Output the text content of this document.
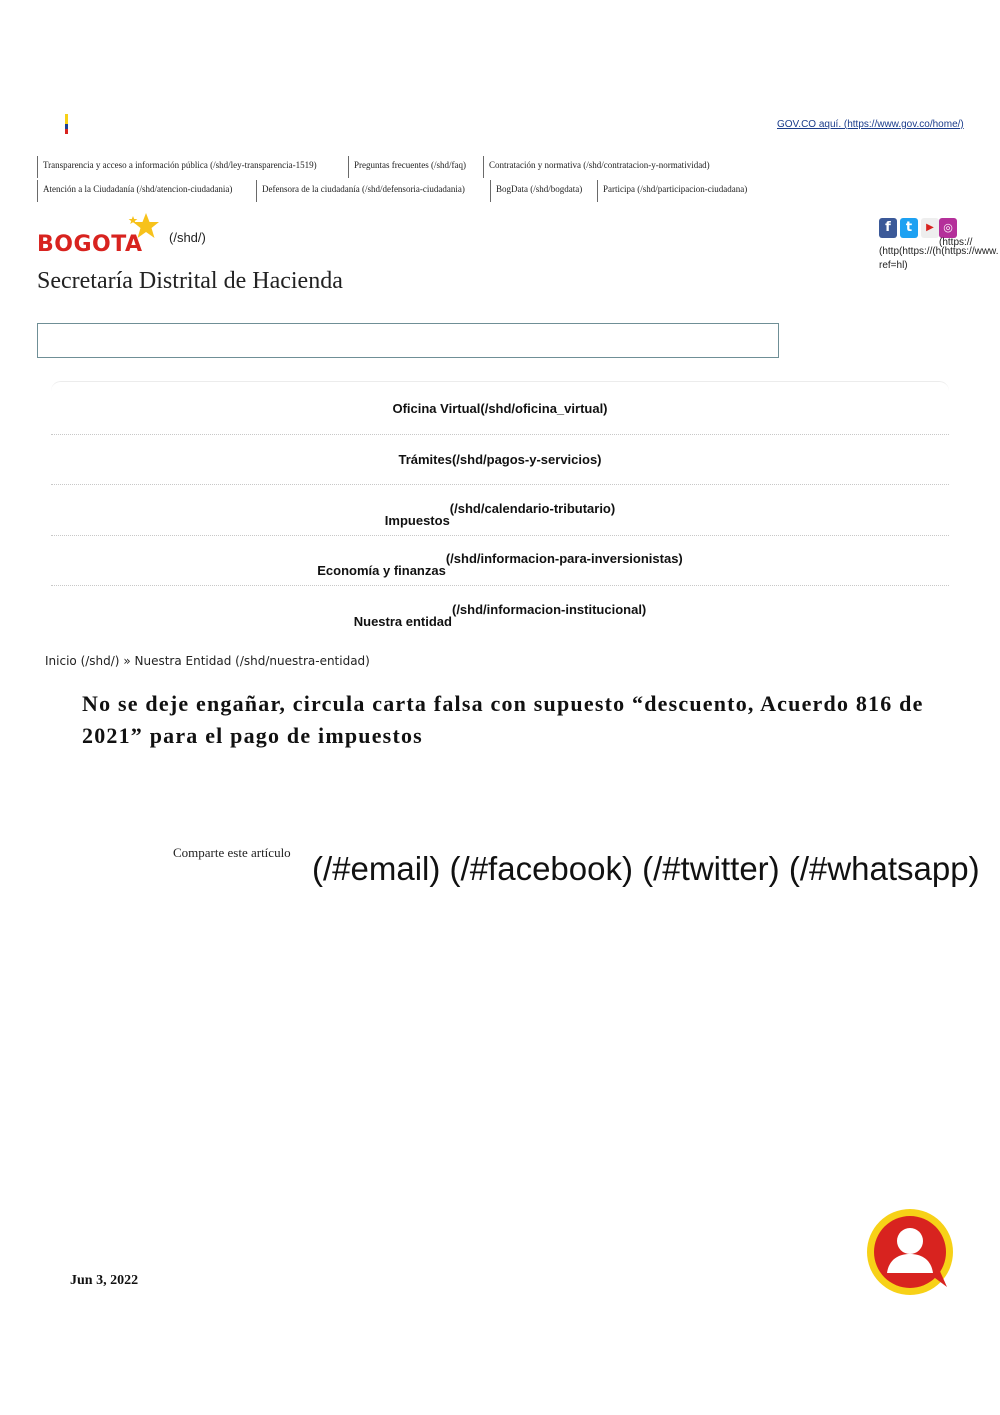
GOV.CO aquí. (https://www.gov.co/home/)
Transparencia y acceso a información pública (/shd/ley-transparencia-1519)	Preguntas frecuentes (/shd/faq)	Contratación y normativa (/shd/contratacion-y-normatividad)
Atención a la Ciudadanía (/shd/atencion-ciudadania)	Defensora de la ciudadanía (/shd/defensoria-ciudadania)	BogData (/shd/bogdata)	Participa (/shd/participacion-ciudadana)
BOGOTA (/shd/)
Secretaría Distrital de Hacienda
f	t	▶ ◎
(https://
(http(https://(h(https://www.
ref=hl)
Oficina Virtual(/shd/oficina_virtual)
Trámites(/shd/pagos-y-servicios)
Impuestos$^{(/shd/calendario-tributario)}$
Economía y finanzas$^{(/shd/informacion-para-inversionistas)}$
Nuestra entidad$^{(/shd/informacion-institucional)}$
Inicio (/shd/) » Nuestra Entidad (/shd/nuestra-entidad)
No se deje engañar, circula carta falsa con supuesto “descuento, Acuerdo 816 de 2021” para el pago de impuestos
Comparte este artículo (/#email) (/#facebook) (/#twitter) (/#whatsapp)
Jun 3, 2022
